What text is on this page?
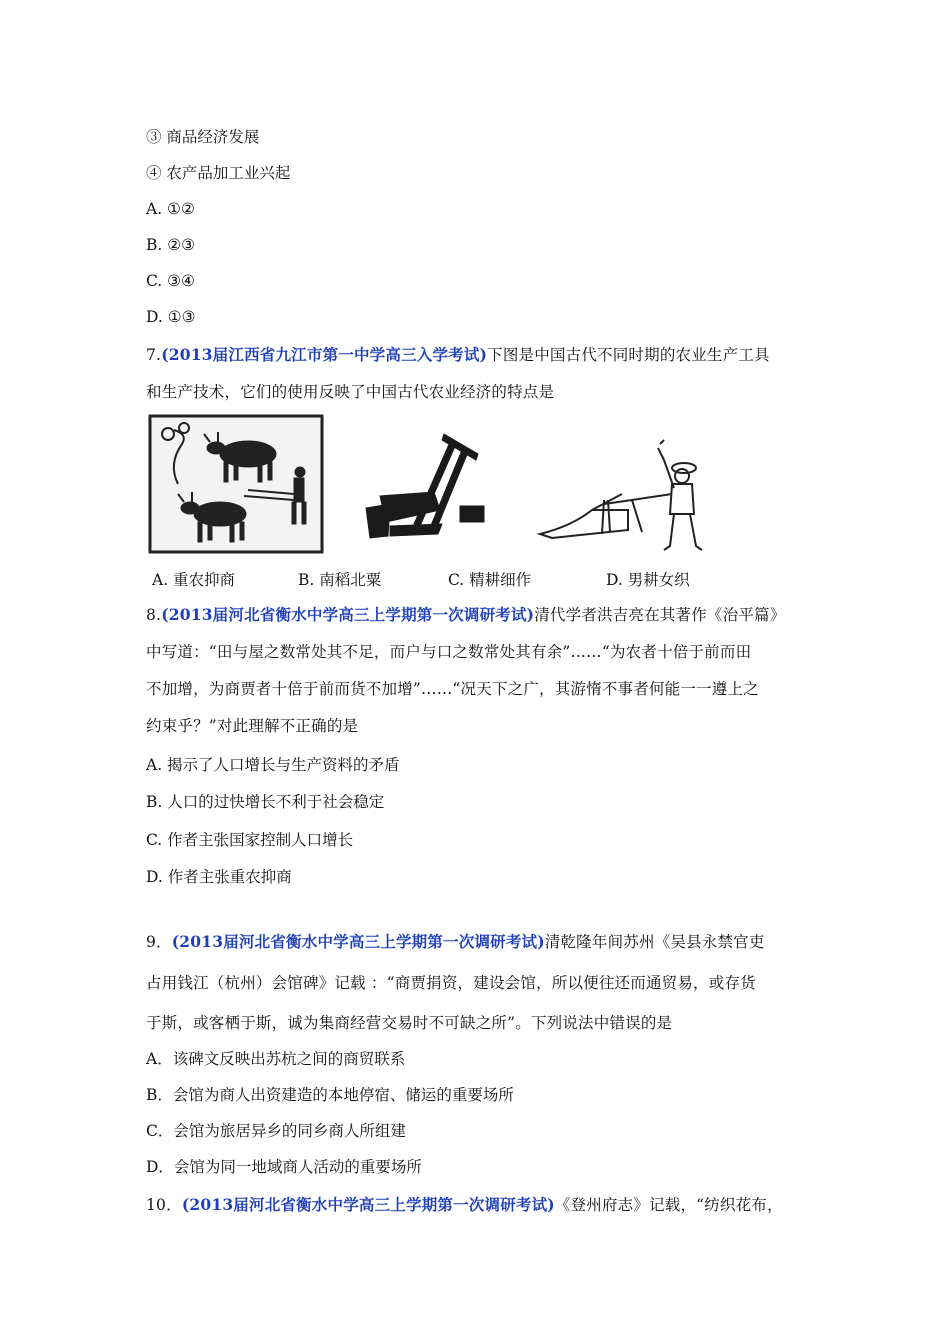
③ 商品经济发展
④ 农产品加工业兴起
A. ①②
B. ②③
C. ③④
D. ①③
7.(2013届江西省九江市第一中学高三入学考试)下图是中国古代不同时期的农业生产工具
和生产技术，它们的使用反映了中国古代农业经济的特点是
A. 重农抑商	B. 南稻北粟	C. 精耕细作	D. 男耕女织
8.(2013届河北省衡水中学高三上学期第一次调研考试)清代学者洪吉亮在其著作《治平篇》
中写道：“田与屋之数常处其不足，而户与口之数常处其有余”……“为农者十倍于前而田
不加增，为商贾者十倍于前而货不加增”……“况天下之广，其游惰不事者何能一一遵上之
约束乎？”对此理解不正确的是
A. 揭示了人口增长与生产资料的矛盾
B. 人口的过快增长不利于社会稳定
C. 作者主张国家控制人口增长
D. 作者主张重农抑商
9．(2013届河北省衡水中学高三上学期第一次调研考试)清乾隆年间苏州《吴县永禁官吏
占用钱江（杭州）会馆碑》记载 ：“商贾捐资，建设会馆，所以便往还而通贸易，或存货
于斯，或客栖于斯，诚为集商经营交易时不可缺之所”。下列说法中错误的是
A．该碑文反映出苏杭之间的商贸联系
B．会馆为商人出资建造的本地停宿、储运的重要场所
C．会馆为旅居异乡的同乡商人所组建
D．会馆为同一地域商人活动的重要场所
10．(2013届河北省衡水中学高三上学期第一次调研考试)《登州府志》记载，“纺织花布，
